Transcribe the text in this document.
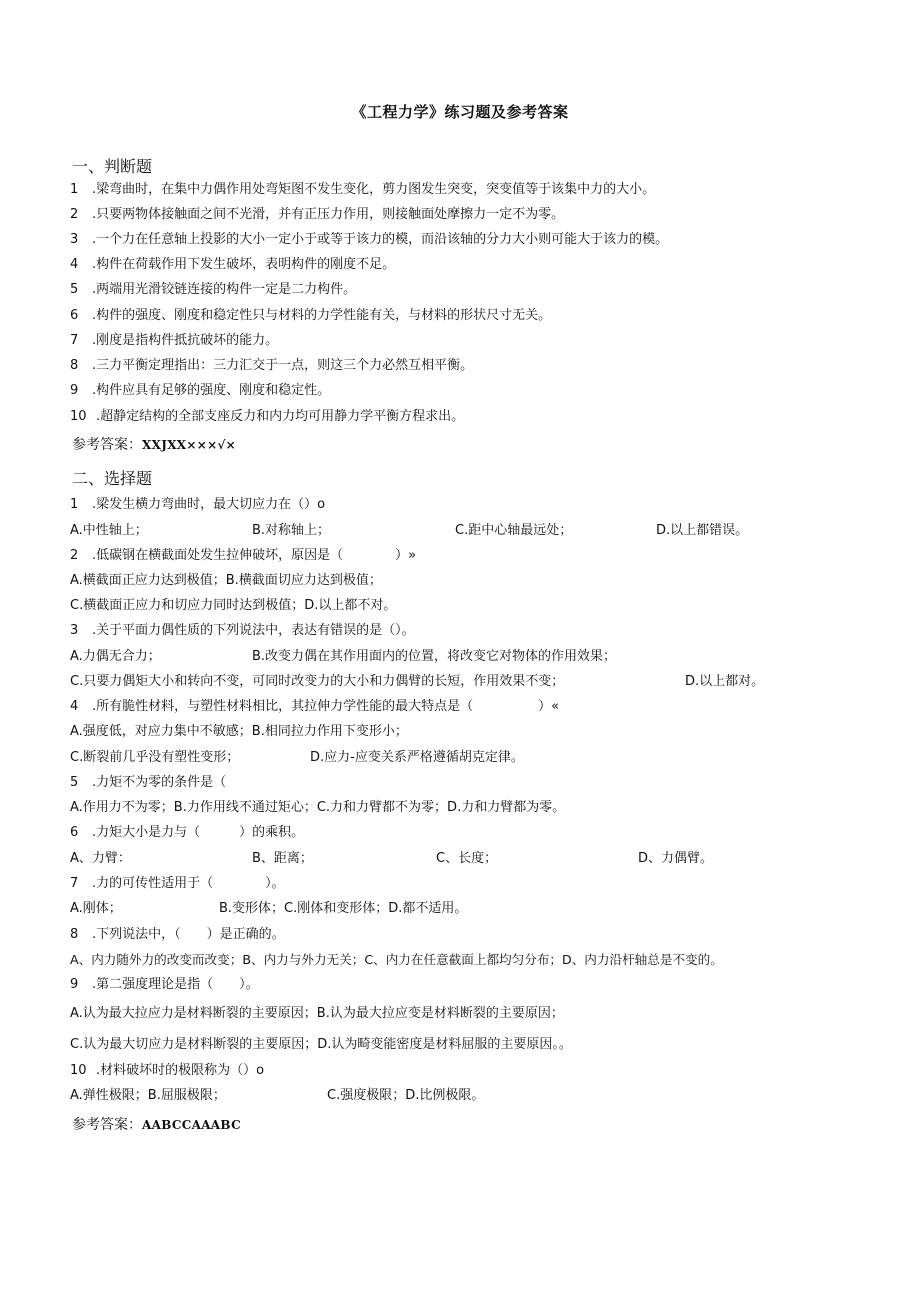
《工程力学》练习题及参考答案
一、判断题
1 .梁弯曲时，在集中力偶作用处弯矩图不发生变化，剪力图发生突变，突变值等于该集中力的大小。
2 .只要两物体接触面之间不光滑，并有正压力作用，则接触面处摩擦力一定不为零。
3 .一个力在任意轴上投影的大小一定小于或等于该力的模，而沿该轴的分力大小则可能大于该力的模。
4 .构件在荷载作用下发生破坏，表明构件的刚度不足。
5 .两端用光滑铰链连接的构件一定是二力构件。
6 .构件的强度、刚度和稳定性只与材料的力学性能有关，与材料的形状尺寸无关。
7 .刚度是指构件抵抗破坏的能力。
8 .三力平衡定理指出：三力汇交于一点，则这三个力必然互相平衡。
9 .构件应具有足够的强度、刚度和稳定性。
10 .超静定结构的全部支座反力和内力均可用静力学平衡方程求出。
参考答案：XXJXX×××√×
二、选择题
1 .梁发生横力弯曲时，最大切应力在（）o
A.中性轴上；	B.对称轴上；	C.距中心轴最远处；	D.以上都错误。
2 .低碳钢在横截面处发生拉伸破坏，原因是（　　　　）»
A.横截面正应力达到极值；B.横截面切应力达到极值；
C.横截面正应力和切应力同时达到极值；D.以上都不对。
3 .关于平面力偶性质的下列说法中，表达有错误的是（）。
A.力偶无合力；	B.改变力偶在其作用面内的位置，将改变它对物体的作用效果；
C.只要力偶矩大小和转向不变，可同时改变力的大小和力偶臂的长短，作用效果不变；	D.以上都对。
4 .所有脆性材料，与塑性材料相比，其拉伸力学性能的最大特点是（　　　　　）«
A.强度低，对应力集中不敏感；B.相同拉力作用下变形小；
C.断裂前几乎没有塑性变形；	D.应力-应变关系严格遵循胡克定律。
5 .力矩不为零的条件是（
A.作用力不为零；B.力作用线不通过矩心；C.力和力臂都不为零；D.力和力臂都为零。
6 .力矩大小是力与（　　　）的乘积。
A、力臂：	B、距离；	C、长度；	D、力偶臂。
7 .力的可传性适用于（　　　　）。
A.刚体；	B.变形体；C.刚体和变形体；D.都不适用。
8 .下列说法中，（　　）是正确的。
A、内力随外力的改变而改变；B、内力与外力无关；C、内力在任意截面上都均匀分布；D、内力沿杆轴总是不变的。
9 .第二强度理论是指（　　）。
A.认为最大拉应力是材料断裂的主要原因；B.认为最大拉应变是材料断裂的主要原因；
C.认为最大切应力是材料断裂的主要原因；D.认为畸变能密度是材料屈服的主要原因。。
10 .材料破坏时的极限称为（）o
A.弹性极限；B.屈服极限；	C.强度极限；D.比例极限。
参考答案：AABCCAAABC
